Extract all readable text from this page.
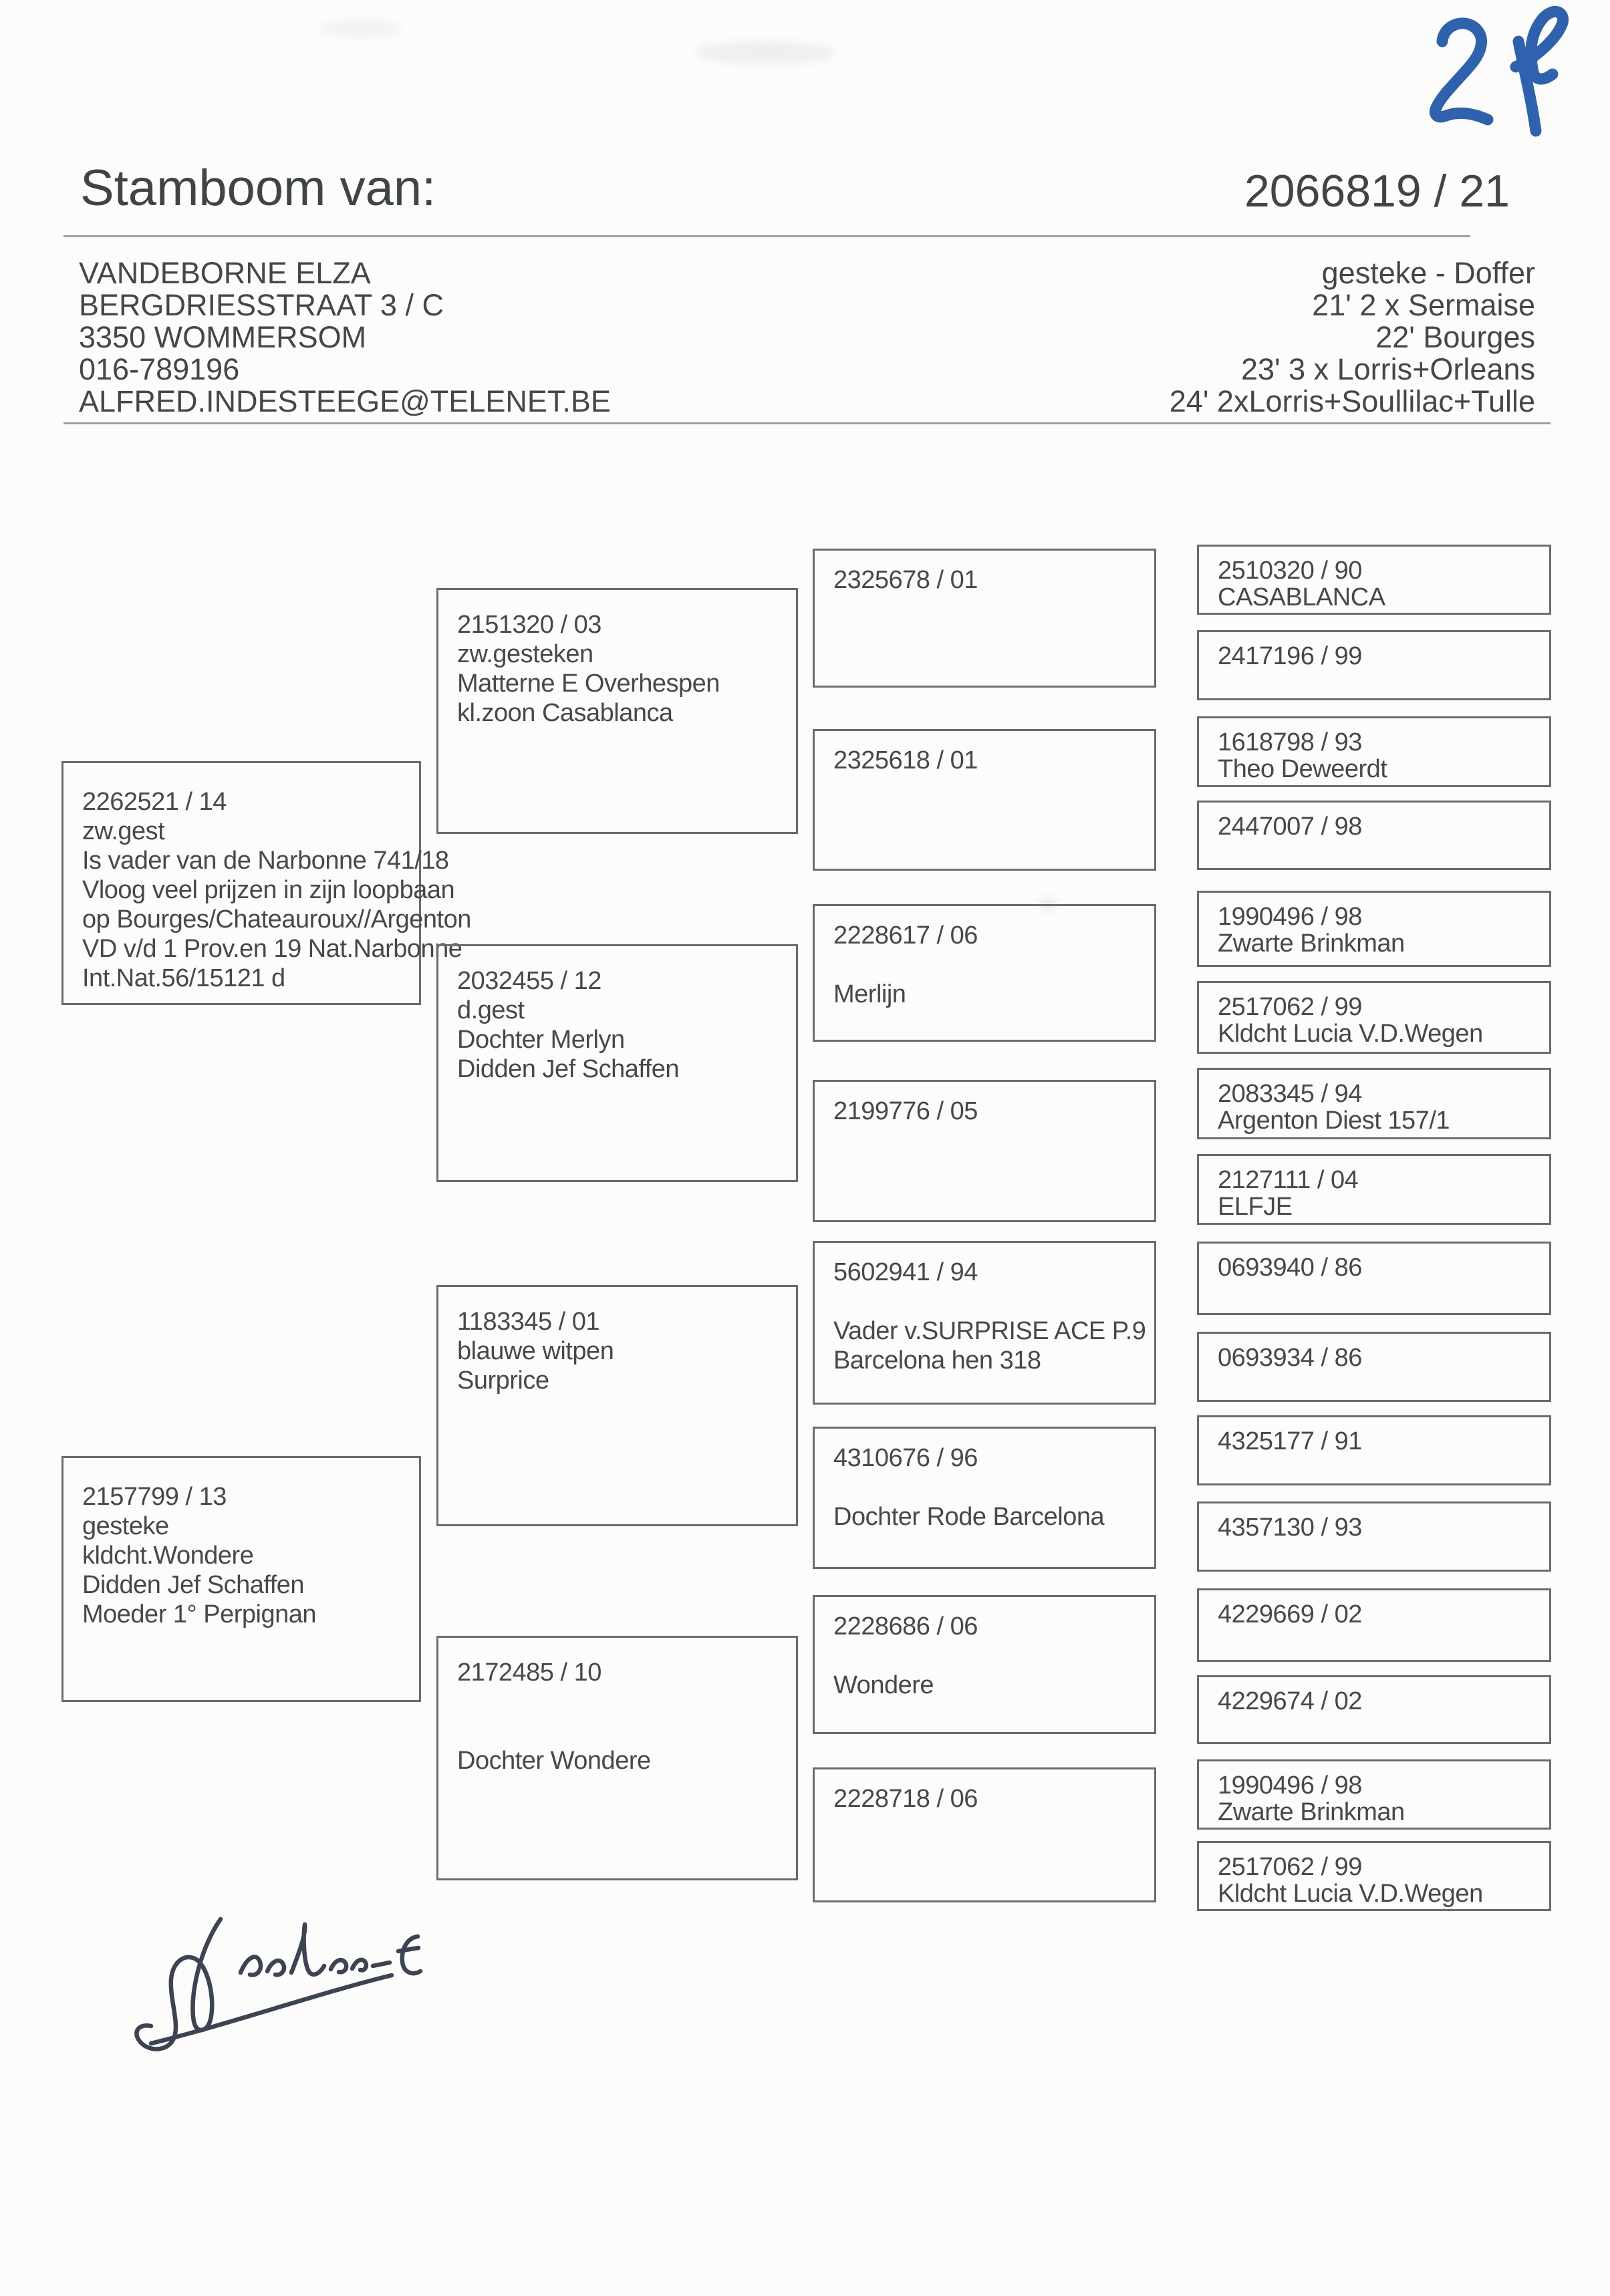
Stamboom van:	2066819 / 21
VANDEBORNE ELZA
BERGDRIESSTRAAT 3 / C
3350 WOMMERSOM
016-789196
ALFRED.INDESTEEGE@TELENET.BE
gesteke - Doffer
21' 2 x Sermaise
22' Bourges
23' 3 x Lorris+Orleans
24' 2xLorris+Soullilac+Tulle
2262521 / 14
zw.gest
Is vader van de Narbonne 741/18
Vloog veel prijzen in zijn loopbaan
op Bourges/Chateauroux//Argenton
VD v/d 1 Prov.en 19 Nat.Narbonne
Int.Nat.56/15121 d
2157799 / 13
gesteke
kldcht.Wondere
Didden Jef Schaffen
Moeder 1° Perpignan
2151320 / 03
zw.gesteken
Matterne E Overhespen
kl.zoon Casablanca
2032455 / 12
d.gest
Dochter Merlyn
Didden Jef Schaffen
1183345 / 01
blauwe witpen
Surprice
2172485 / 10
Dochter Wondere
2325678 / 01
2325618 / 01
2228617 / 06
Merlijn
2199776 / 05
5602941 / 94
Vader v.SURPRISE ACE P.9
Barcelona hen 318
4310676 / 96
Dochter Rode Barcelona
2228686 / 06
Wondere
2228718 / 06
2510320 / 90
CASABLANCA
2417196 / 99
1618798 / 93
Theo Deweerdt
2447007 / 98
1990496 / 98
Zwarte Brinkman
2517062 / 99
Kldcht Lucia V.D.Wegen
2083345 / 94
Argenton Diest 157/1
2127111 / 04
ELFJE
0693940 / 86
0693934 / 86
4325177 / 91
4357130 / 93
4229669 / 02
4229674 / 02
1990496 / 98
Zwarte Brinkman
2517062 / 99
Kldcht Lucia V.D.Wegen
